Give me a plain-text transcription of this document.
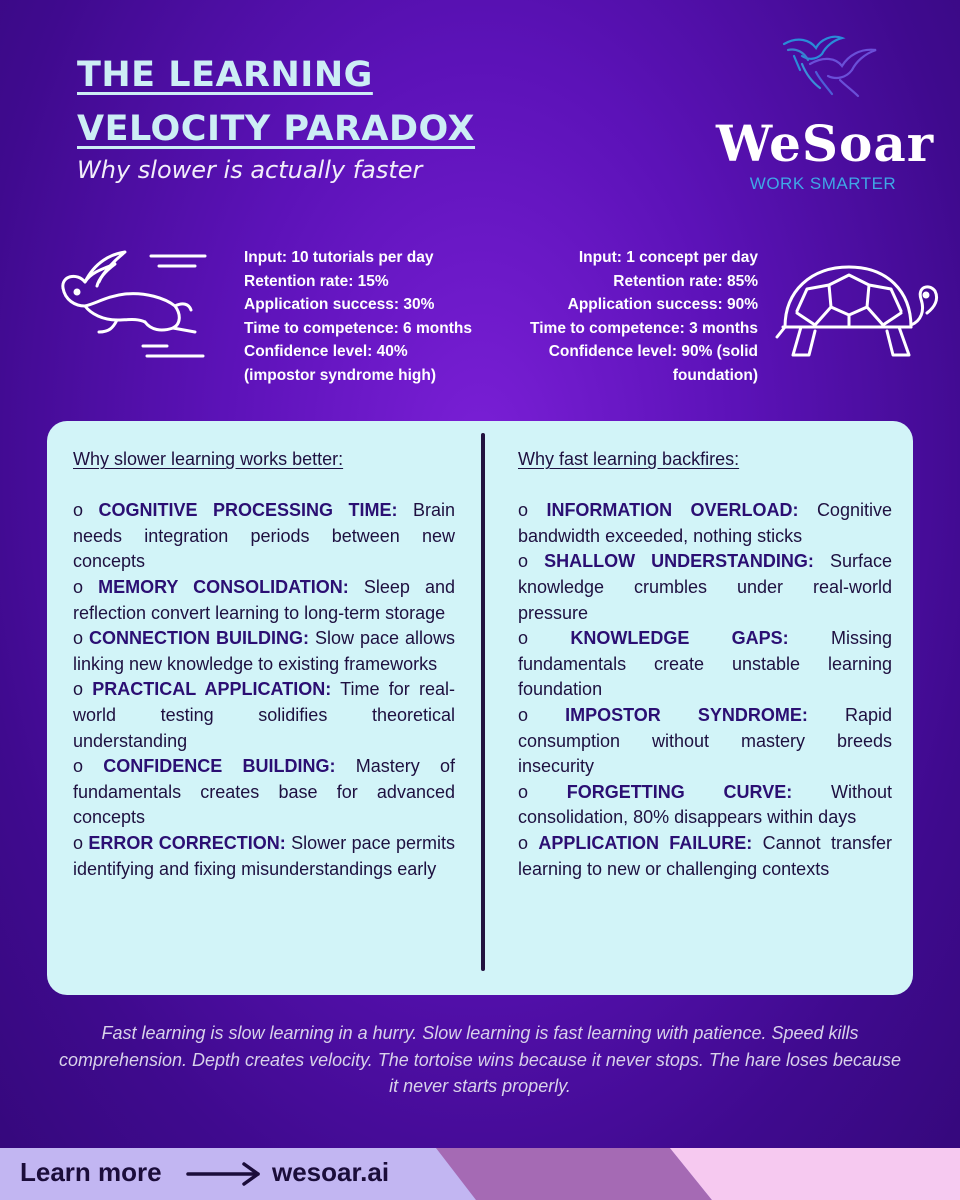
THE LEARNING
VELOCITY PARADOX
Why slower is actually faster	WeSoar
WORK SMARTER
Input: 10 tutorials per day
Retention rate: 15%
Application success: 30%
Time to competence: 6 months
Confidence level: 40%
(impostor syndrome high)
Input: 1 concept per day
Retention rate: 85%
Application success: 90%
Time to competence: 3 months
Confidence level: 90% (solid
foundation)
Why slower learning works better:

o COGNITIVE PROCESSING TIME: Brain needs integration periods between new concepts

o MEMORY CONSOLIDATION: Sleep and reflection convert learning to long-term storage

o CONNECTION BUILDING: Slow pace allows linking new knowledge to existing frameworks

o PRACTICAL APPLICATION: Time for real-world testing solidifies theoretical understanding

o CONFIDENCE BUILDING: Mastery of fundamentals creates base for advanced concepts

o ERROR CORRECTION: Slower pace permits identifying and fixing misunderstandings early

Why fast learning backfires:

o INFORMATION OVERLOAD: Cognitive bandwidth exceeded, nothing sticks

o SHALLOW UNDERSTANDING: Surface knowledge crumbles under real-world pressure

o KNOWLEDGE GAPS: Missing fundamentals create unstable learning foundation

o IMPOSTOR SYNDROME: Rapid consumption without mastery breeds insecurity

o FORGETTING CURVE: Without consolidation, 80% disappears within days

o APPLICATION FAILURE: Cannot transfer learning to new or challenging contexts

Fast learning is slow learning in a hurry. Slow learning is fast learning with patience. Speed kills comprehension. Depth creates velocity. The tortoise wins because it never stops. The hare loses because it never starts properly.
Learn more	wesoar.ai
